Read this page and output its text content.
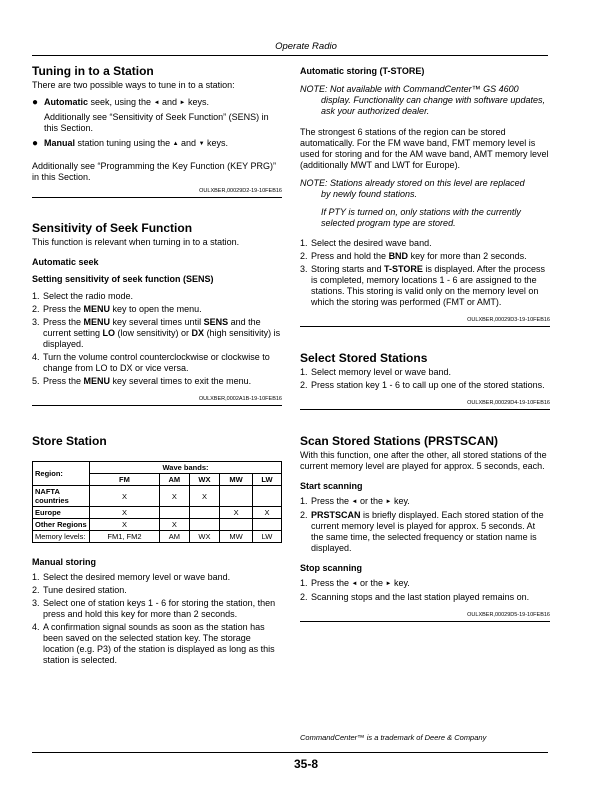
Operate Radio
Tuning in to a Station

There are two possible ways to tune in to a station:

● Automatic seek, using the ◄ and ► keys.

Additionally see “Sensitivity of Seek Function” (SENS) in this Section.

● Manual station tuning using the ▲ and ▼ keys.

Additionally see “Programming the Key Function (KEY PRG)” in this Section.

OULXBER,00029D2-19-10FEB16
Sensitivity of Seek Function

This function is relevant when turning in to a station.

Automatic seek
Setting sensitivity of seek function (SENS)
1. Select the radio mode.
2. Press the MENU key to open the menu.
3. Press the MENU key several times until SENS and the current setting LO (low sensitivity) or DX (high sensitivity) is displayed.
4. Turn the volume control counterclockwise or clockwise to change from LO to DX or vice versa.
5. Press the MENU key several times to exit the menu.
OULXBER,0002A1B-19-10FEB16
Store Station
Region:	Wave bands:				
	FM	AM	WX	MW	LW
NAFTA countries	X	X	X		
Europe	X			X	X
Other Regions	X	X			
Memory levels:	FM1, FM2	AM	WX	MW	LW
Manual storing
1. Select the desired memory level or wave band.
2. Tune desired station.
3. Select one of station keys 1 - 6 for storing the station, then press and hold this key for more than 2 seconds.
4. A confirmation signal sounds as soon as the station has been saved on the selected station key. The storage location (e.g. P3) of the station is displayed as long as this station is selected.
Automatic storing (T-STORE)

NOTE: Not available with CommandCenter™ GS 4600

display. Functionality can change with software updates, ask your authorized dealer.

The strongest 6 stations of the region can be stored automatically. For the FM wave band, FMT memory level is used for storing and for the AM wave band, AMT memory level (additionally MWT and LWT for Europe).

NOTE: Stations already stored on this level are replaced

by newly found stations.

If PTY is turned on, only stations with the currently selected program type are stored.

1. Select the desired wave band.
2. Press and hold the BND key for more than 2 seconds.
3. Storing starts and T-STORE is displayed. After the process is completed, memory locations 1 - 6 are assigned to the stations. This storing is valid only on the memory level on which the storing was performed (FMT or AMT).
OULXBER,00029D3-19-10FEB16
Select Stored Stations
1. Select memory level or wave band.
2. Press station key 1 - 6 to call up one of the stored stations.
OULXBER,00029D4-19-10FEB16
Scan Stored Stations (PRSTSCAN)

With this function, one after the other, all stored stations of the current memory level are played for approx. 5 seconds, each.

Start scanning
1. Press the ◄ or the ► key.
2. PRSTSCAN is briefly displayed. Each stored station of the current memory level is played for approx. 5 seconds. At the same time, the selected frequency or station name is displayed.
Stop scanning
1. Press the ◄ or the ► key.
2. Scanning stops and the last station played remains on.
OULXBER,00029D5-19-10FEB16
CommandCenter™ is a trademark of Deere & Company
35-8
